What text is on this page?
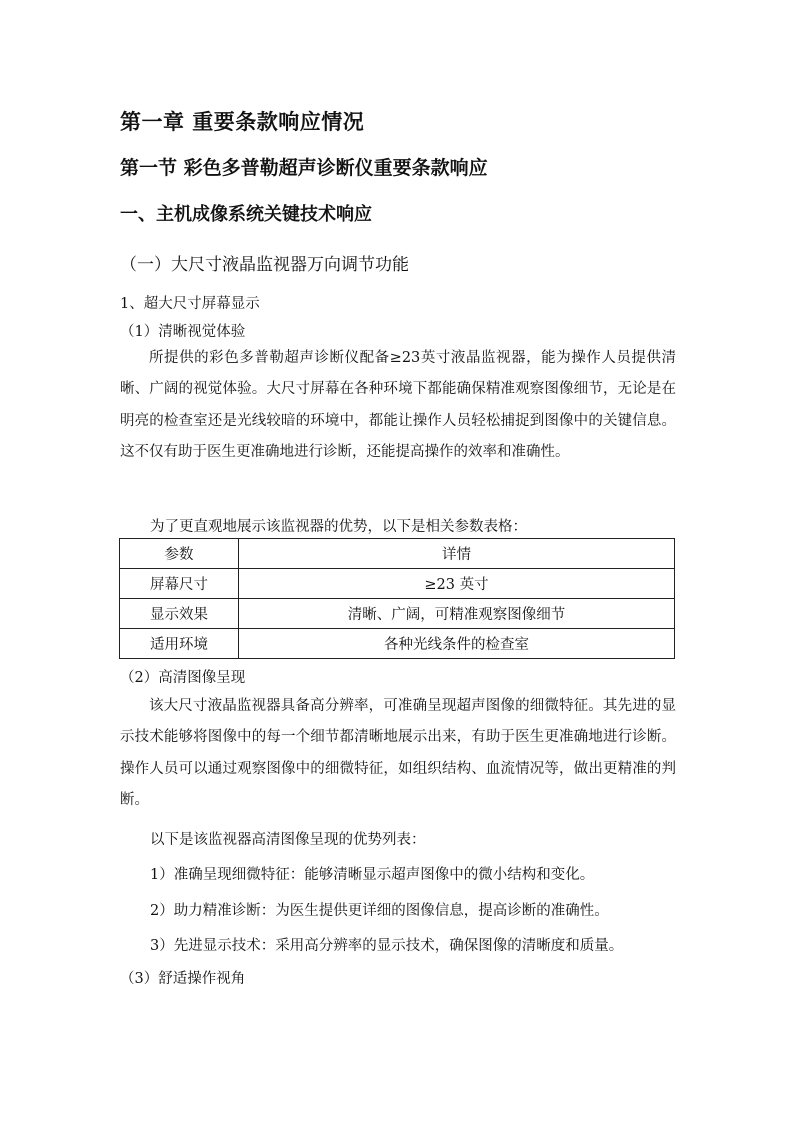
第一章 重要条款响应情况
第一节 彩色多普勒超声诊断仪重要条款响应
一、主机成像系统关键技术响应
（一）大尺寸液晶监视器万向调节功能
1、超大尺寸屏幕显示
（1）清晰视觉体验
所提供的彩色多普勒超声诊断仪配备≥23英寸液晶监视器，能为操作人员提供清晰、广阔的视觉体验。大尺寸屏幕在各种环境下都能确保精准观察图像细节，无论是在明亮的检查室还是光线较暗的环境中，都能让操作人员轻松捕捉到图像中的关键信息。这不仅有助于医生更准确地进行诊断，还能提高操作的效率和准确性。
为了更直观地展示该监视器的优势，以下是相关参数表格：
参数	详情
屏幕尺寸	≥23 英寸
显示效果	清晰、广阔，可精准观察图像细节
适用环境	各种光线条件的检查室
（2）高清图像呈现
该大尺寸液晶监视器具备高分辨率，可准确呈现超声图像的细微特征。其先进的显示技术能够将图像中的每一个细节都清晰地展示出来，有助于医生更准确地进行诊断。操作人员可以通过观察图像中的细微特征，如组织结构、血流情况等，做出更精准的判断。
以下是该监视器高清图像呈现的优势列表：
1）准确呈现细微特征：能够清晰显示超声图像中的微小结构和变化。
2）助力精准诊断：为医生提供更详细的图像信息，提高诊断的准确性。
3）先进显示技术：采用高分辨率的显示技术，确保图像的清晰度和质量。
（3）舒适操作视角
